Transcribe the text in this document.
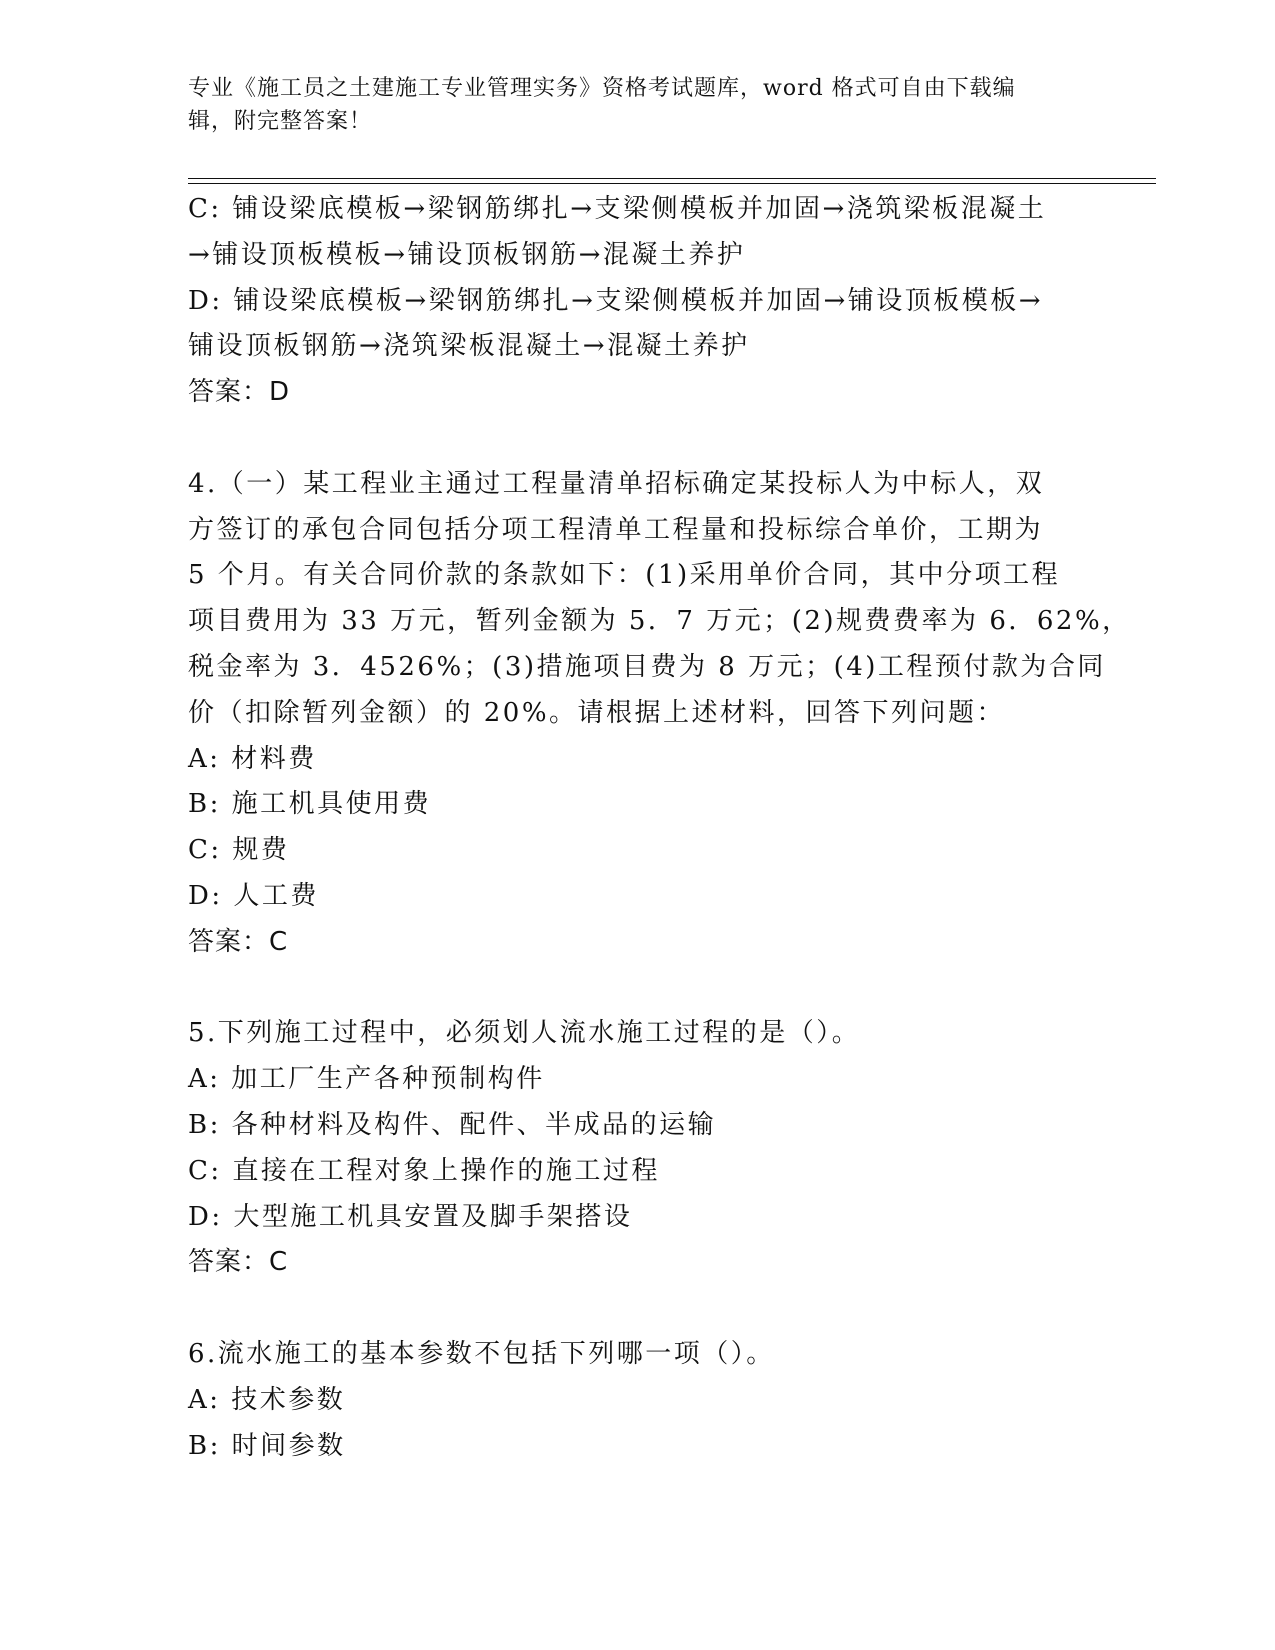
专业《施工员之土建施工专业管理实务》资格考试题库，word 格式可自由下载编
辑，附完整答案！
C: 铺设梁底模板→梁钢筋绑扎→支梁侧模板并加固→浇筑梁板混凝土
→铺设顶板模板→铺设顶板钢筋→混凝土养护
D: 铺设梁底模板→梁钢筋绑扎→支梁侧模板并加固→铺设顶板模板→
铺设顶板钢筋→浇筑梁板混凝土→混凝土养护
答案：D
4.（一）某工程业主通过工程量清单招标确定某投标人为中标人，双
方签订的承包合同包括分项工程清单工程量和投标综合单价，工期为
5 个月。有关合同价款的条款如下：(1)采用单价合同，其中分项工程
项目费用为 33 万元，暂列金额为 5．7 万元；(2)规费费率为 6．62%，
税金率为 3．4526%；(3)措施项目费为 8 万元；(4)工程预付款为合同
价（扣除暂列金额）的 20%。请根据上述材料，回答下列问题：
A: 材料费
B: 施工机具使用费
C: 规费
D: 人工费
答案：C
5.下列施工过程中，必须划人流水施工过程的是（）。
A: 加工厂生产各种预制构件
B: 各种材料及构件、配件、半成品的运输
C: 直接在工程对象上操作的施工过程
D: 大型施工机具安置及脚手架搭设
答案：C
6.流水施工的基本参数不包括下列哪一项（）。
A: 技术参数
B: 时间参数
